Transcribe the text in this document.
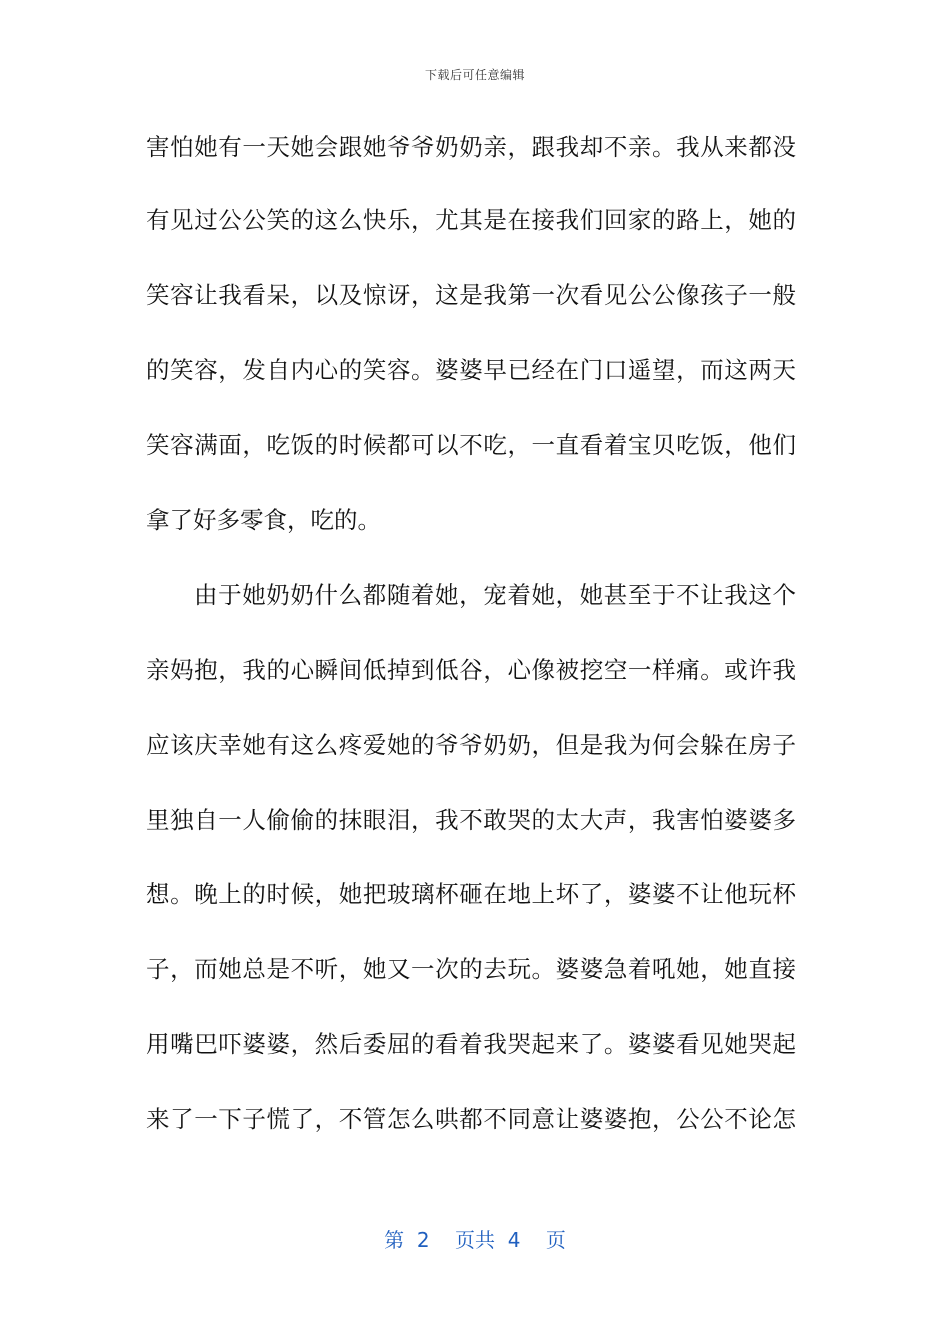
下载后可任意编辑
害怕她有一天她会跟她爷爷奶奶亲，跟我却不亲。我从来都没
有见过公公笑的这么快乐，尤其是在接我们回家的路上，她的
笑容让我看呆，以及惊讶，这是我第一次看见公公像孩子一般
的笑容，发自内心的笑容。婆婆早已经在门口遥望，而这两天
笑容满面，吃饭的时候都可以不吃，一直看着宝贝吃饭，他们
拿了好多零食，吃的。
由于她奶奶什么都随着她，宠着她，她甚至于不让我这个
亲妈抱，我的心瞬间低掉到低谷，心像被挖空一样痛。或许我
应该庆幸她有这么疼爱她的爷爷奶奶，但是我为何会躲在房子
里独自一人偷偷的抹眼泪，我不敢哭的太大声，我害怕婆婆多
想。晚上的时候，她把玻璃杯砸在地上坏了，婆婆不让他玩杯
子，而她总是不听，她又一次的去玩。婆婆急着吼她，她直接
用嘴巴吓婆婆，然后委屈的看着我哭起来了。婆婆看见她哭起
来了一下子慌了，不管怎么哄都不同意让婆婆抱，公公不论怎
第  2    页共  4    页
